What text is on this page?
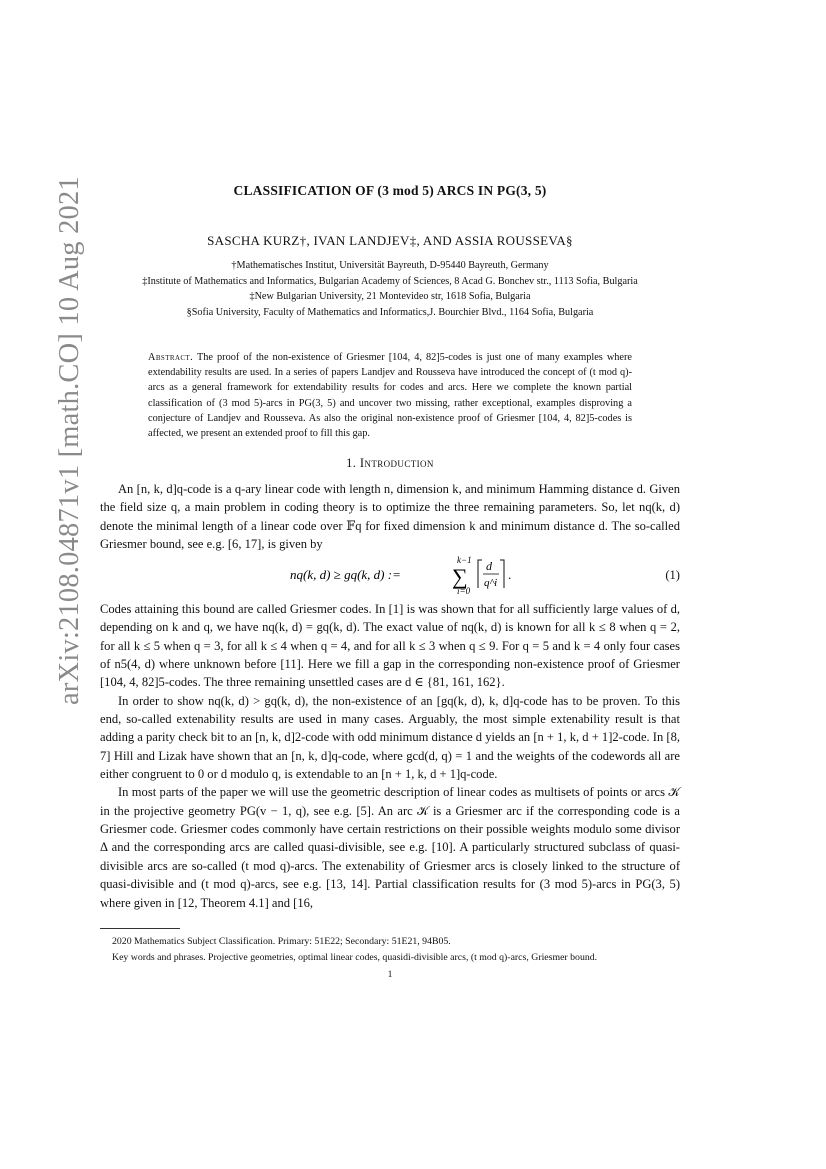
arXiv:2108.04871v1 [math.CO] 10 Aug 2021	CLASSIFICATION OF (3 mod 5) ARCS IN PG(3, 5)
SASCHA KURZ†, IVAN LANDJEV‡, AND ASSIA ROUSSEVA§
†Mathematisches Institut, Universität Bayreuth, D-95440 Bayreuth, Germany
‡Institute of Mathematics and Informatics, Bulgarian Academy of Sciences, 8 Acad G. Bonchev str., 1113 Sofia, Bulgaria
‡New Bulgarian University, 21 Montevideo str, 1618 Sofia, Bulgaria
§Sofia University, Faculty of Mathematics and Informatics,J. Bourchier Blvd., 1164 Sofia, Bulgaria
Abstract. The proof of the non-existence of Griesmer [104, 4, 82]5-codes is just one of many examples where extendability results are used. In a series of papers Landjev and Rousseva have introduced the concept of (t mod q)-arcs as a general framework for extendability results for codes and arcs. Here we complete the known partial classification of (3 mod 5)-arcs in PG(3, 5) and uncover two missing, rather exceptional, examples disproving a conjecture of Landjev and Rousseva. As also the original non-existence proof of Griesmer [104, 4, 82]5-codes is affected, we present an extended proof to fill this gap.
1. Introduction

An [n, k, d]q-code is a q-ary linear code with length n, dimension k, and minimum Hamming distance d. Given the field size q, a main problem in coding theory is to optimize the three remaining parameters. So, let nq(k, d) denote the minimal length of a linear code over 𝔽q for fixed dimension k and minimum distance d. The so-called Griesmer bound, see e.g. [6, 17], is given by

nq(k, d) ≥ gq(k, d) :=
k−1
∑
i=0
d
q^i
.	(1)

Codes attaining this bound are called Griesmer codes. In [1] is was shown that for all sufficiently large values of d, depending on k and q, we have nq(k, d) = gq(k, d). The exact value of nq(k, d) is known for all k ≤ 8 when q = 2, for all k ≤ 5 when q = 3, for all k ≤ 4 when q = 4, and for all k ≤ 3 when q ≤ 9. For q = 5 and k = 4 only four cases of n5(4, d) where unknown before [11]. Here we fill a gap in the corresponding non-existence proof of Griesmer [104, 4, 82]5-codes. The three remaining unsettled cases are d ∈ {81, 161, 162}.

In order to show nq(k, d) > gq(k, d), the non-existence of an [gq(k, d), k, d]q-code has to be proven. To this end, so-called extenability results are used in many cases. Arguably, the most simple extenability result is that adding a parity check bit to an [n, k, d]2-code with odd minimum distance d yields an [n + 1, k, d + 1]2-code. In [8, 7] Hill and Lizak have shown that an [n, k, d]q-code, where gcd(d, q) = 1 and the weights of the codewords all are either congruent to 0 or d modulo q, is extendable to an [n + 1, k, d + 1]q-code.

In most parts of the paper we will use the geometric description of linear codes as multisets of points or arcs 𝒦 in the projective geometry PG(v − 1, q), see e.g. [5]. An arc 𝒦 is a Griesmer arc if the corresponding code is a Griesmer code. Griesmer codes commonly have certain restrictions on their possible weights modulo some divisor Δ and the corresponding arcs are called quasi-divisible, see e.g. [10]. A particularly structured subclass of quasi-divisible arcs are so-called (t mod q)-arcs. The extenability of Griesmer arcs is closely linked to the structure of quasi-divisible and (t mod q)-arcs, see e.g. [13, 14]. Partial classification results for (3 mod 5)-arcs in PG(3, 5) where given in [12, Theorem 4.1] and [16,

2020 Mathematics Subject Classification. Primary: 51E22; Secondary: 51E21, 94B05.
Key words and phrases. Projective geometries, optimal linear codes, quasidi-divisible arcs, (t mod q)-arcs, Griesmer bound.
1
